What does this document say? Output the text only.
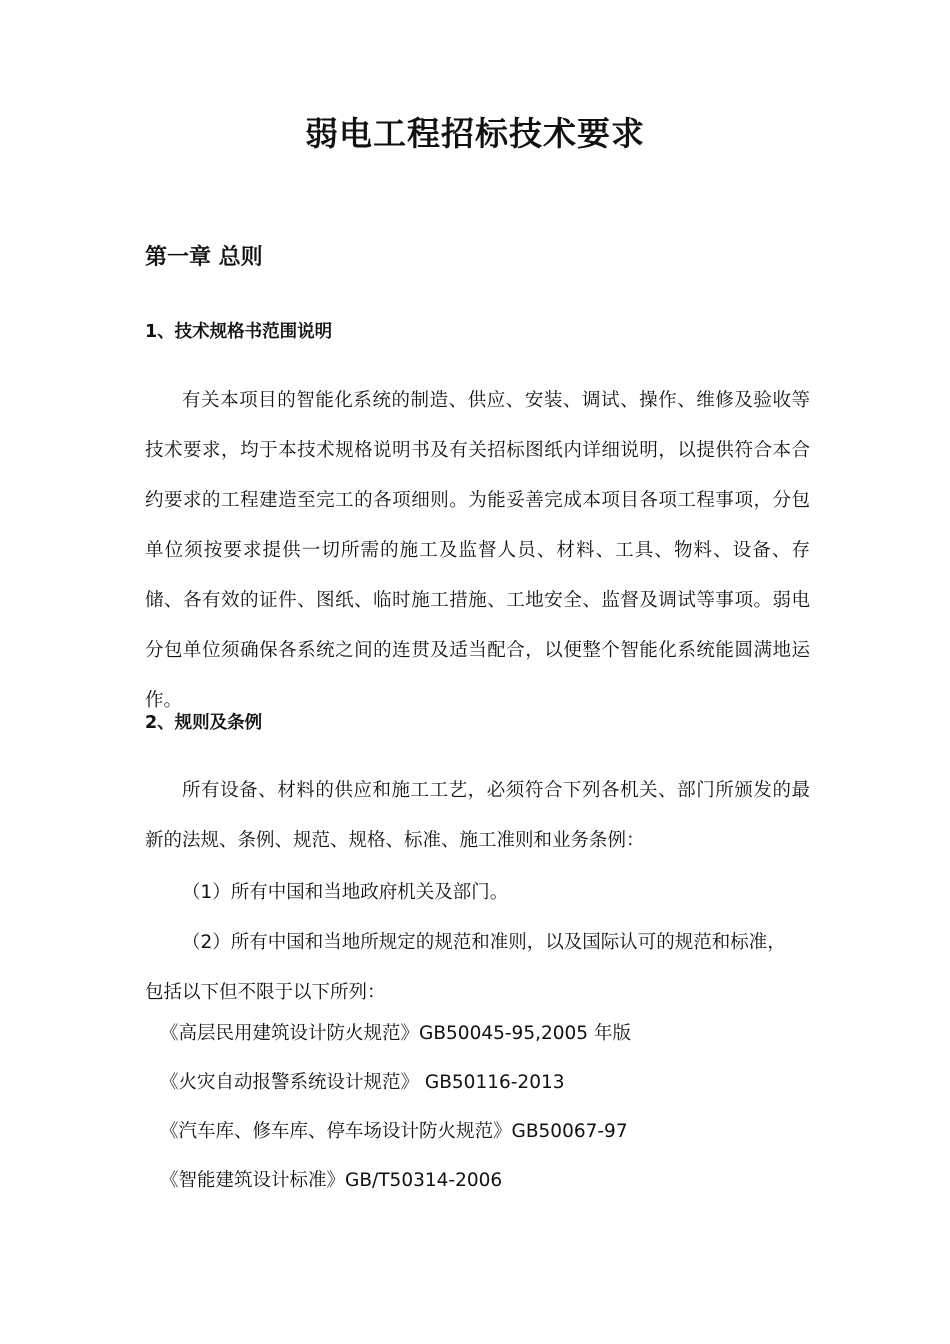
弱电工程招标技术要求
第一章 总则
1、技术规格书范围说明

有关本项目的智能化系统的制造、供应、安装、调试、操作、维修及验收等技术要求，均于本技术规格说明书及有关招标图纸内详细说明，以提供符合本合约要求的工程建造至完工的各项细则。为能妥善完成本项目各项工程事项，分包单位须按要求提供一切所需的施工及监督人员、材料、工具、物料、设备、存储、各有效的证件、图纸、临时施工措施、工地安全、监督及调试等事项。弱电分包单位须确保各系统之间的连贯及适当配合，以便整个智能化系统能圆满地运作。

2、规则及条例

所有设备、材料的供应和施工工艺，必须符合下列各机关、部门所颁发的最新的法规、条例、规范、规格、标准、施工准则和业务条例：

（1）所有中国和当地政府机关及部门。
（2）所有中国和当地所规定的规范和准则，以及国际认可的规范和标准，
包括以下但不限于以下所列：
《高层民用建筑设计防火规范》GB50045-95,2005 年版
《火灾自动报警系统设计规范》 GB50116-2013
《汽车库、修车库、停车场设计防火规范》GB50067-97
《智能建筑设计标准》GB/T50314-2006
